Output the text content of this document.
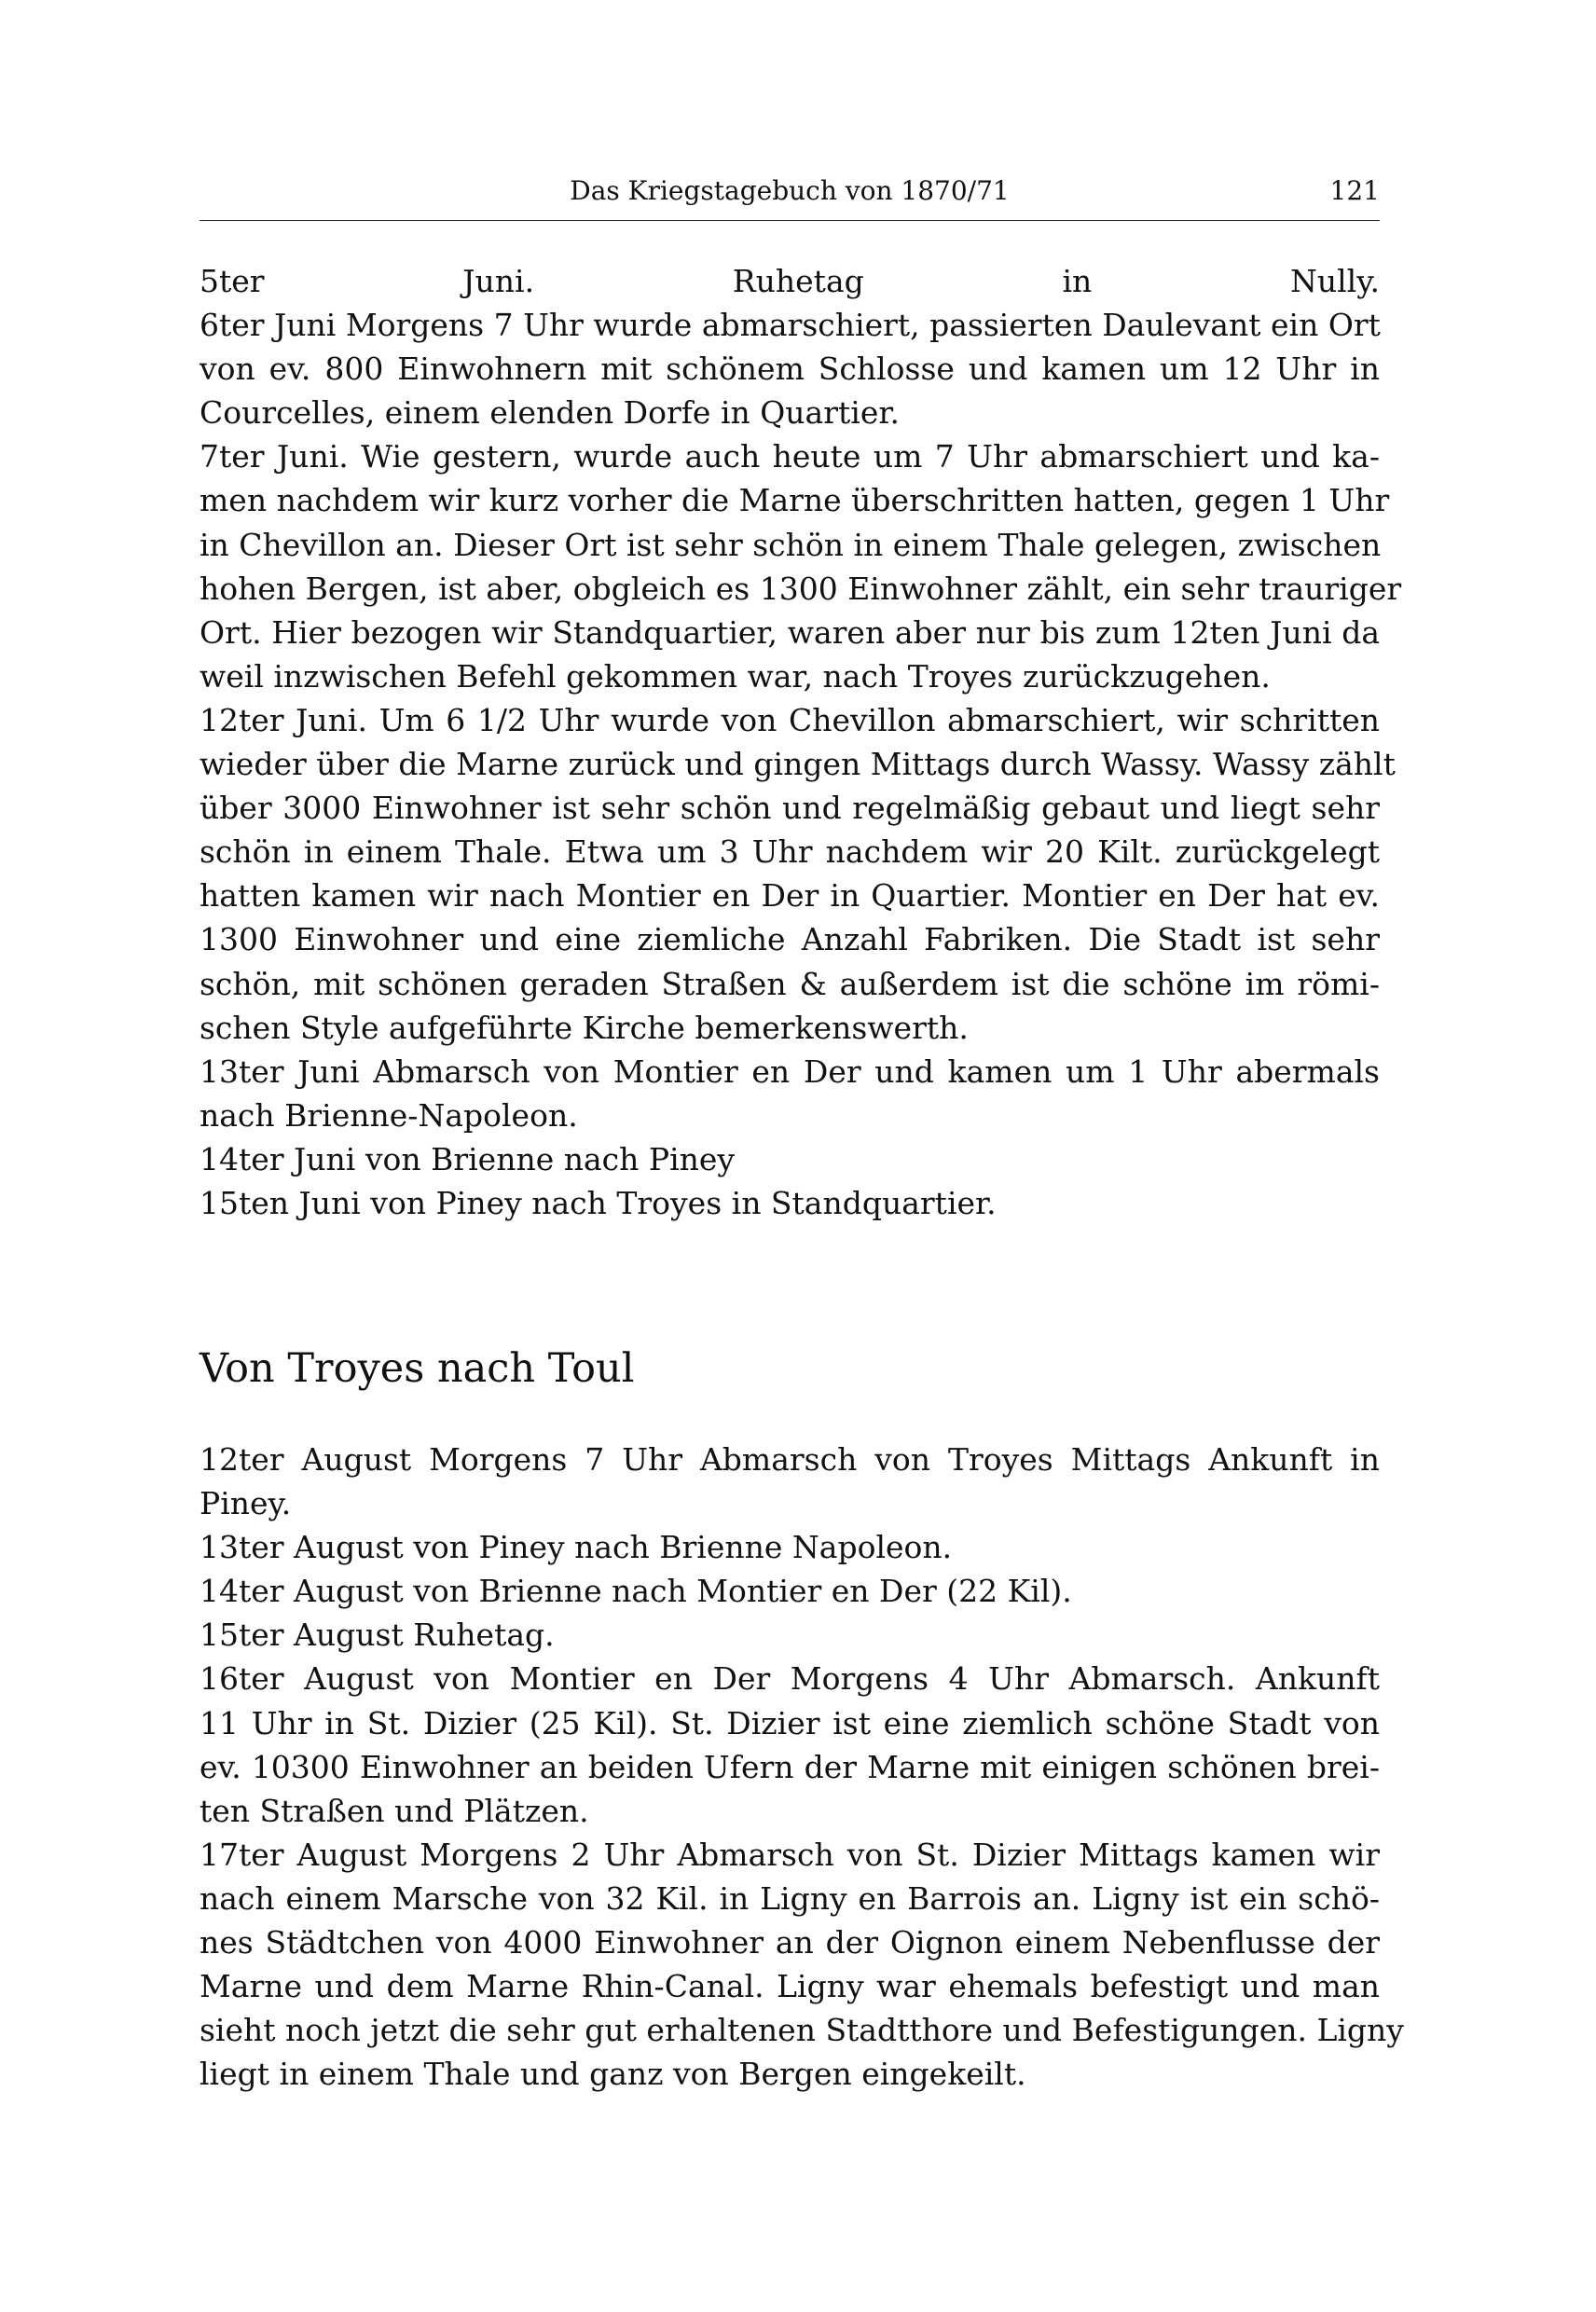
Das Kriegstagebuch von 1870/71	121
5ter Juni. Ruhetag in Nully.
6ter Juni Morgens 7 Uhr wurde abmarschiert, passierten Daulevant ein Ort
von ev. 800 Einwohnern mit schönem Schlosse und kamen um 12 Uhr in
Courcelles, einem elenden Dorfe in Quartier.
7ter Juni. Wie gestern, wurde auch heute um 7 Uhr abmarschiert und ka-
men nachdem wir kurz vorher die Marne überschritten hatten, gegen 1 Uhr
in Chevillon an. Dieser Ort ist sehr schön in einem Thale gelegen, zwischen
hohen Bergen, ist aber, obgleich es 1300 Einwohner zählt, ein sehr trauriger
Ort. Hier bezogen wir Standquartier, waren aber nur bis zum 12ten Juni da
weil inzwischen Befehl gekommen war, nach Troyes zurückzugehen.
12ter Juni. Um 6 1/2 Uhr wurde von Chevillon abmarschiert, wir schritten
wieder über die Marne zurück und gingen Mittags durch Wassy. Wassy zählt
über 3000 Einwohner ist sehr schön und regelmäßig gebaut und liegt sehr
schön in einem Thale. Etwa um 3 Uhr nachdem wir 20 Kilt. zurückgelegt
hatten kamen wir nach Montier en Der in Quartier. Montier en Der hat ev.
1300 Einwohner und eine ziemliche Anzahl Fabriken. Die Stadt ist sehr
schön, mit schönen geraden Straßen & außerdem ist die schöne im römi-
schen Style aufgeführte Kirche bemerkenswerth.
13ter Juni Abmarsch von Montier en Der und kamen um 1 Uhr abermals
nach Brienne-Napoleon.
14ter Juni von Brienne nach Piney
15ten Juni von Piney nach Troyes in Standquartier.
Von Troyes nach Toul
12ter August Morgens 7 Uhr Abmarsch von Troyes Mittags Ankunft in
Piney.
13ter August von Piney nach Brienne Napoleon.
14ter August von Brienne nach Montier en Der (22 Kil).
15ter August Ruhetag.
16ter August von Montier en Der Morgens 4 Uhr Abmarsch. Ankunft
11 Uhr in St. Dizier (25 Kil). St. Dizier ist eine ziemlich schöne Stadt von
ev. 10300 Einwohner an beiden Ufern der Marne mit einigen schönen brei-
ten Straßen und Plätzen.
17ter August Morgens 2 Uhr Abmarsch von St. Dizier Mittags kamen wir
nach einem Marsche von 32 Kil. in Ligny en Barrois an. Ligny ist ein schö-
nes Städtchen von 4000 Einwohner an der Oignon einem Nebenflusse der
Marne und dem Marne Rhin-Canal. Ligny war ehemals befestigt und man
sieht noch jetzt die sehr gut erhaltenen Stadtthore und Befestigungen. Ligny
liegt in einem Thale und ganz von Bergen eingekeilt.
